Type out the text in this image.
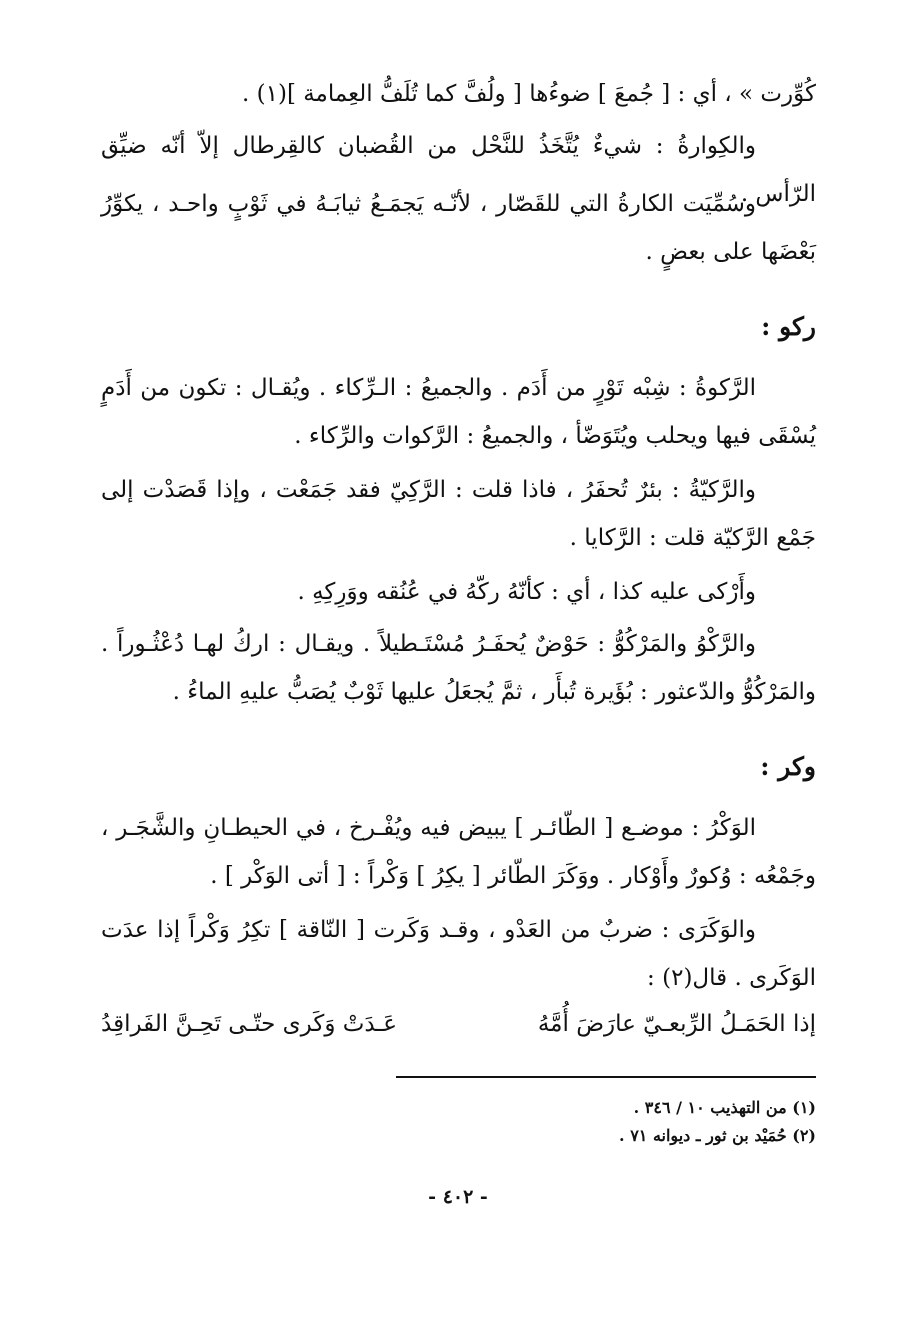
كُوِّرت » ، أي : [ جُمعَ ] ضوءُها [ ولُفَّ كما تُلَفُّ العِمامة ](١) .
والكِوارةُ : شيءٌ يُتَّخَذُ للنَّحْل من القُضبان كالقِرطال إلاّ أنّه ضيِّق الرّأس .
وسُمِّيَت الكارةُ التي للقَصّار ، لأنّـه يَجمَـعُ ثيابَـهُ في ثَوْبٍ واحـد ، يكوِّرُ بَعْضَها على بعضٍ .
ركو :
الرَّكوةُ : شِبْه تَوْرٍ من أَدَم . والجميعُ : الـرِّكاء . ويُقـال : تكون من أَدَمٍ يُسْقَى فيها ويحلب ويُتَوَضّأ ، والجميعُ : الرَّكوات والرِّكاء .
والرَّكيّةُ : بئرٌ تُحفَرُ ، فاذا قلت : الرَّكِيّ فقد جَمَعْت ، وإذا قَصَدْت إلى جَمْع الرَّكيّة قلت : الرَّكايا .
وأَرْكى عليه كذا ، أي : كأنّهُ ركّهُ في عُنُقه ووَرِكِهِ .
والرَّكْوُ والمَرْكُوُّ : حَوْضٌ يُحفَـرُ مُسْتَـطيلاً . ويقـال : اركُ لهـا دُعْثُـوراً . والمَرْكُوُّ والدّعثور : بُؤَيرة تُبأَر ، ثمَّ يُجعَلُ عليها ثَوْبٌ يُصَبُّ عليهِ الماءُ .
وكر :
الوَكْرُ : موضـع [ الطّائـر ] يبيض فيه ويُفْـرخ ، في الحيطـانِ والشَّجَـر ، وجَمْعُه : وُكورٌ وأَوْكار . ووَكَرَ الطّائر [ يكِرُ ] وَكْراً : [ أتى الوَكْر ] .
والوَكَرَى : ضربٌ من العَدْو ، وقـد وَكَرت [ النّاقة ] تكِرُ وَكْراً إذا عدَت الوَكَرى . قال(٢) :
إذا الحَمَـلُ الرِّبعـيّ عارَضَ أُمَّهُ
عَـدَتْ وَكَرى حتّـى تَحِـنَّ الفَراقِدُ
(١) من التهذيب ١٠ / ٣٤٦ .
(٢) حُمَيْد بن ثور ـ ديوانه ٧١ .
- ٤٠٢ -
